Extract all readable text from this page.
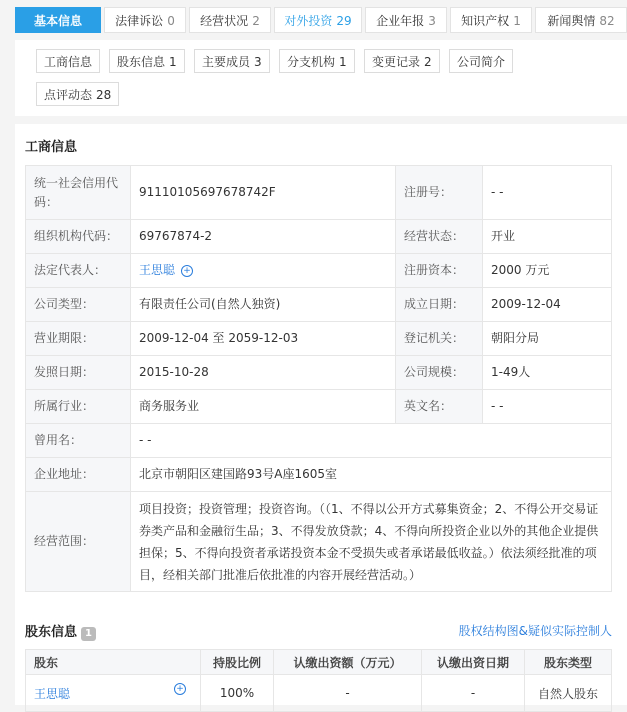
基本信息	法律诉讼 0	经营状况 2	对外投资 29	企业年报 3	知识产权 1	新闻舆情 82
工商信息	股东信息 1	主要成员 3	分支机构 1	变更记录 2	公司简介
点评动态 28
工商信息
统一社会信用代码：	91110105697678742F	注册号：	- -
组织机构代码：	69767874-2	经营状态：	开业
法定代表人：	王思聪 +	注册资本：	2000 万元
公司类型：	有限责任公司(自然人独资)	成立日期：	2009-12-04
营业期限：	2009-12-04 至 2059-12-03	登记机关：	朝阳分局
发照日期：	2015-10-28	公司规模：	1-49人
所属行业：	商务服务业	英文名：	- -
曾用名：	- -		
企业地址：	北京市朝阳区建国路93号A座1605室		
经营范围：	项目投资；投资管理；投资咨询。（（1、不得以公开方式募集资金；2、不得公开交易证券类产品和金融衍生品；3、不得发放贷款；4、不得向所投资企业以外的其他企业提供担保；5、不得向投资者承诺投资本金不受损失或者承诺最低收益。）依法须经批准的项目，经相关部门批准后依批准的内容开展经营活动。）		
股东信息 1	股权结构图&疑似实际控制人
股东	持股比例	认缴出资额（万元）	认缴出资日期	股东类型
王思聪 +	100%	-	-	自然人股东
